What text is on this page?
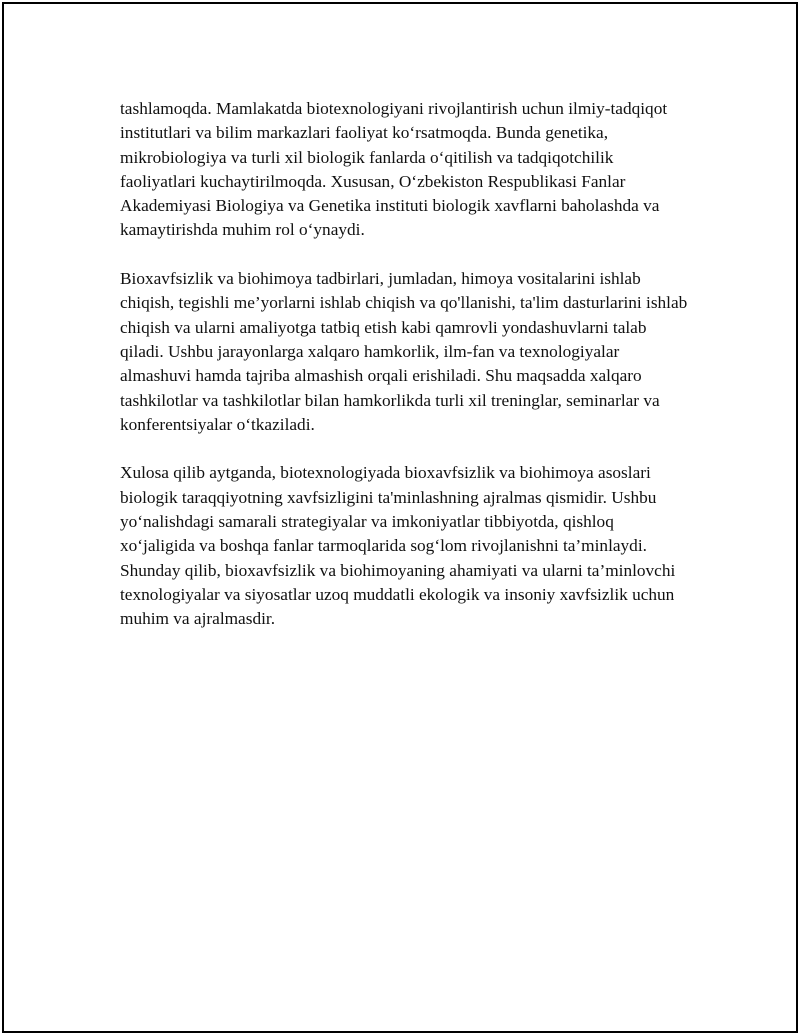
tashlamoqda. Mamlakatda biotexnologiyani rivojlantirish uchun ilmiy-tadqiqot institutlari va bilim markazlari faoliyat ko‘rsatmoqda. Bunda genetika, mikrobiologiya va turli xil biologik fanlarda o‘qitilish va tadqiqotchilik faoliyatlari kuchaytirilmoqda. Xususan, O‘zbekiston Respublikasi Fanlar Akademiyasi Biologiya va Genetika instituti biologik xavflarni baholashda va kamaytirishda muhim rol o‘ynaydi.

Bioxavfsizlik va biohimoya tadbirlari, jumladan, himoya vositalarini ishlab chiqish, tegishli me’yorlarni ishlab chiqish va qo'llanishi, ta'lim dasturlarini ishlab chiqish va ularni amaliyotga tatbiq etish kabi qamrovli yondashuvlarni talab qiladi. Ushbu jarayonlarga xalqaro hamkorlik, ilm-fan va texnologiyalar almashuvi hamda tajriba almashish orqali erishiladi. Shu maqsadda xalqaro tashkilotlar va tashkilotlar bilan hamkorlikda turli xil treninglar, seminarlar va konferentsiyalar o‘tkaziladi.

Xulosa qilib aytganda, biotexnologiyada bioxavfsizlik va biohimoya asoslari biologik taraqqiyotning xavfsizligini ta'minlashning ajralmas qismidir. Ushbu yo‘nalishdagi samarali strategiyalar va imkoniyatlar tibbiyotda, qishloq xo‘jaligida va boshqa fanlar tarmoqlarida sog‘lom rivojlanishni ta’minlaydi. Shunday qilib, bioxavfsizlik va biohimoyaning ahamiyati va ularni ta’minlovchi texnologiyalar va siyosatlar uzoq muddatli ekologik va insoniy xavfsizlik uchun muhim va ajralmasdir.
